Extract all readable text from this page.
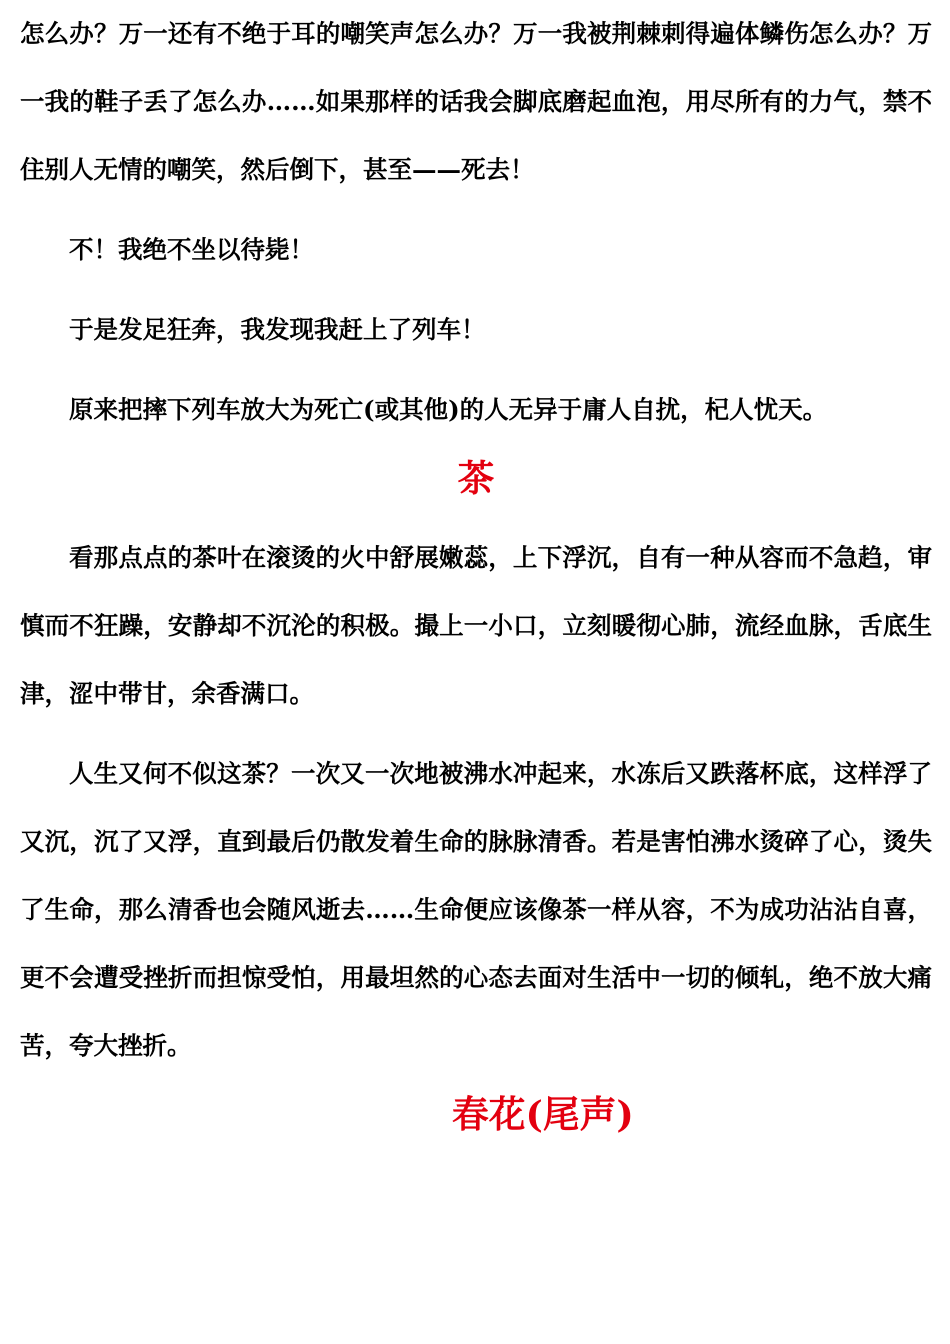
怎么办？万一还有不绝于耳的嘲笑声怎么办？万一我被荆棘刺得遍体鳞伤怎么办？万一我的鞋子丢了怎么办……如果那样的话我会脚底磨起血泡，用尽所有的力气，禁不住别人无情的嘲笑，然后倒下，甚至——死去！

不！我绝不坐以待毙！

于是发足狂奔，我发现我赶上了列车！

原来把摔下列车放大为死亡(或其他)的人无异于庸人自扰，杞人忧天。

茶

看那点点的茶叶在滚烫的火中舒展嫩蕊，上下浮沉，自有一种从容而不急趋，审慎而不狂躁，安静却不沉沦的积极。撮上一小口，立刻暖彻心肺，流经血脉，舌底生津，涩中带甘，余香满口。

人生又何不似这茶？一次又一次地被沸水冲起来，水冻后又跌落杯底，这样浮了又沉，沉了又浮，直到最后仍散发着生命的脉脉清香。若是害怕沸水烫碎了心，烫失了生命，那么清香也会随风逝去……生命便应该像茶一样从容，不为成功沾沾自喜，更不会遭受挫折而担惊受怕，用最坦然的心态去面对生活中一切的倾轧，绝不放大痛苦，夸大挫折。

春花(尾声)
